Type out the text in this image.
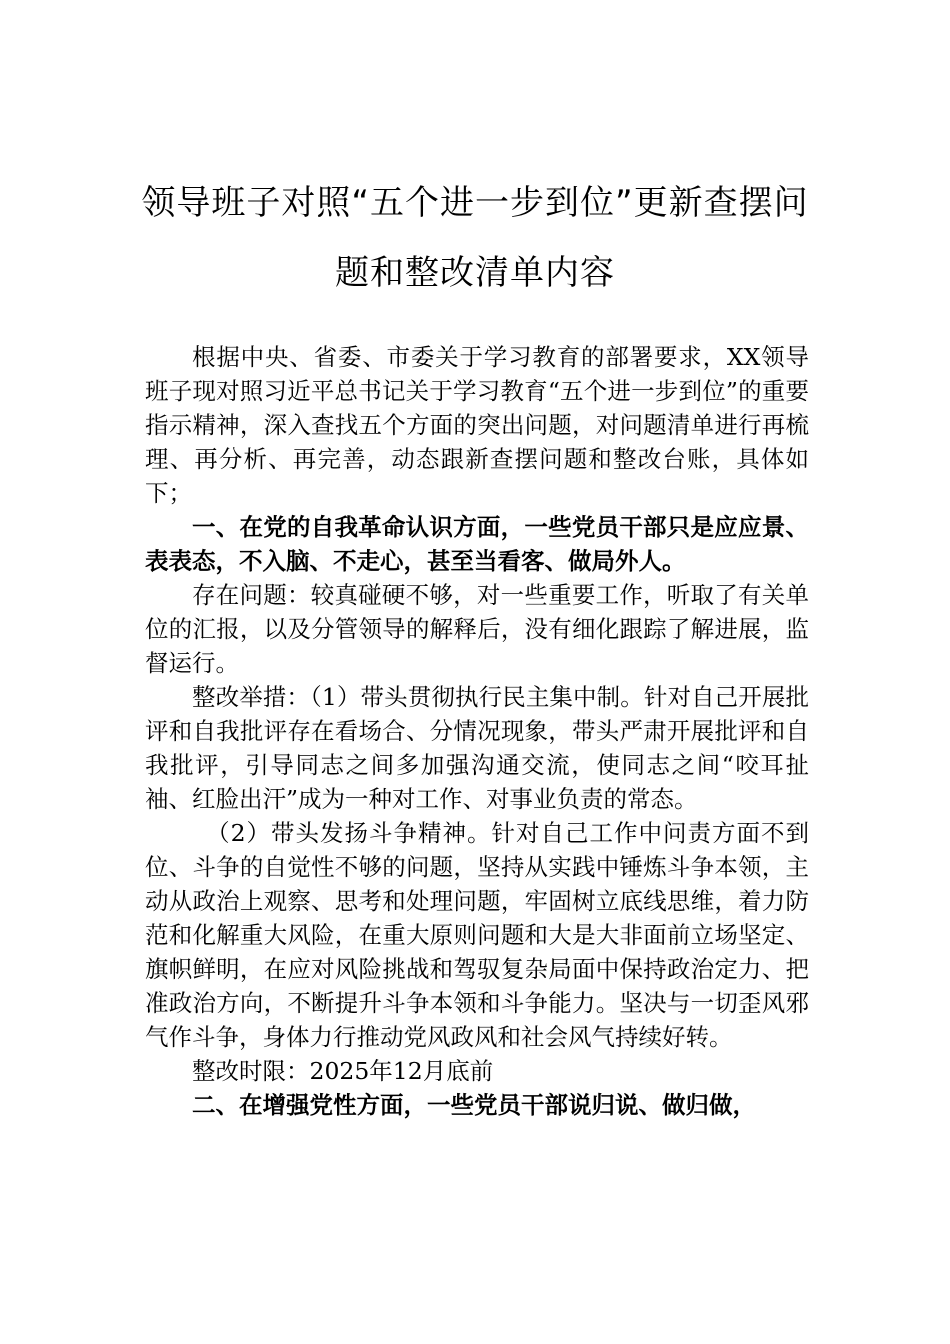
领导班子对照“五个进一步到位”更新查摆问题和整改清单内容

根据中央、省委、市委关于学习教育的部署要求，XX领导班子现对照习近平总书记关于学习教育“五个进一步到位”的重要指示精神，深入查找五个方面的突出问题，对问题清单进行再梳理、再分析、再完善，动态跟新查摆问题和整改台账，具体如下；

一、在党的自我革命认识方面，一些党员干部只是应应景、表表态，不入脑、不走心，甚至当看客、做局外人。

存在问题：较真碰硬不够，对一些重要工作，听取了有关单位的汇报，以及分管领导的解释后，没有细化跟踪了解进展，监督运行。

整改举措：（1）带头贯彻执行民主集中制。针对自己开展批评和自我批评存在看场合、分情况现象，带头严肃开展批评和自我批评，引导同志之间多加强沟通交流，使同志之间“咬耳扯袖、红脸出汗”成为一种对工作、对事业负责的常态。

（2）带头发扬斗争精神。针对自己工作中问责方面不到位、斗争的自觉性不够的问题，坚持从实践中锤炼斗争本领，主动从政治上观察、思考和处理问题，牢固树立底线思维，着力防范和化解重大风险，在重大原则问题和大是大非面前立场坚定、旗帜鲜明，在应对风险挑战和驾驭复杂局面中保持政治定力、把准政治方向，不断提升斗争本领和斗争能力。坚决与一切歪风邪气作斗争，身体力行推动党风政风和社会风气持续好转。

整改时限：2025年12月底前

二、在增强党性方面，一些党员干部说归说、做归做，
